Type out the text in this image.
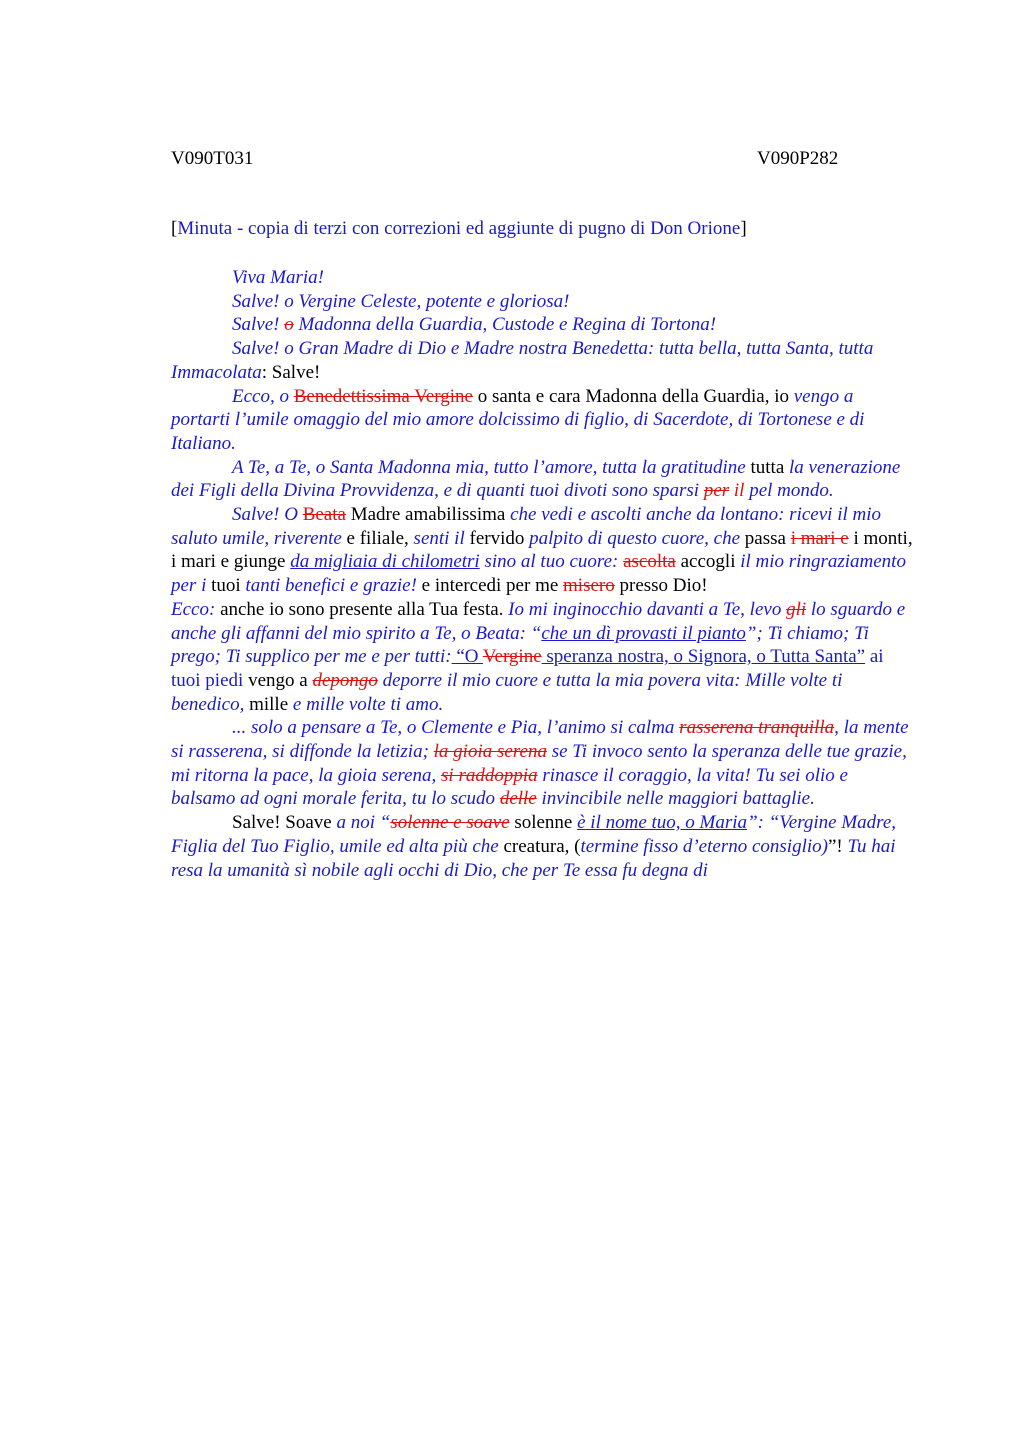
V090T031	V090P282
[Minuta - copia di terzi con correzioni ed aggiunte di pugno di Don Orione]

Viva Maria!

Salve! o Vergine Celeste, potente e gloriosa!

Salve! o Madonna della Guardia, Custode e Regina di Tortona!

Salve! o Gran Madre di Dio e Madre nostra Benedetta: tutta bella, tutta Santa, tutta Immacolata: Salve!

Ecco, o Benedettissima Vergine o santa e cara Madonna della Guardia, io vengo a portarti l’umile omaggio del mio amore dolcissimo di figlio, di Sacerdote, di Tortonese e di Italiano.

A Te, a Te, o Santa Madonna mia, tutto l’amore, tutta la gratitudine tutta la venerazione dei Figli della Divina Provvidenza, e di quanti tuoi divoti sono sparsi per il pel mondo.

Salve! O Beata Madre amabilissima che vedi e ascolti anche da lontano: ricevi il mio saluto umile, riverente e filiale, senti il fervido palpito di questo cuore, che passa i mari e i monti, i mari e giunge da migliaia di chilometri sino al tuo cuore: ascolta accogli il mio ringraziamento per i tuoi tanti benefici e grazie! e intercedi per me misero presso Dio!

Ecco: anche io sono presente alla Tua festa. Io mi inginocchio davanti a Te, levo gli lo sguardo e anche gli affanni del mio spirito a Te, o Beata: “che un dì provasti il pianto”; Ti chiamo; Ti prego; Ti supplico per me e per tutti: “O Vergine speranza nostra, o Signora, o Tutta Santa” ai tuoi piedi vengo a depongo deporre il mio cuore e tutta la mia povera vita: Mille volte ti benedico, mille e mille volte ti amo.

... solo a pensare a Te, o Clemente e Pia, l’animo si calma rasserena tranquilla, la mente si rasserena, si diffonde la letizia; la gioia serena se Ti invoco sento la speranza delle tue grazie, mi ritorna la pace, la gioia serena, si raddoppia rinasce il coraggio, la vita! Tu sei olio e balsamo ad ogni morale ferita, tu lo scudo delle invincibile nelle maggiori battaglie.

Salve! Soave a noi “solenne e soave solenne è il nome tuo, o Maria”: “Vergine Madre, Figlia del Tuo Figlio, umile ed alta più che creatura, (termine fisso d’eterno consiglio)”! Tu hai resa la umanità sì nobile agli occhi di Dio, che per Te essa fu degna di
